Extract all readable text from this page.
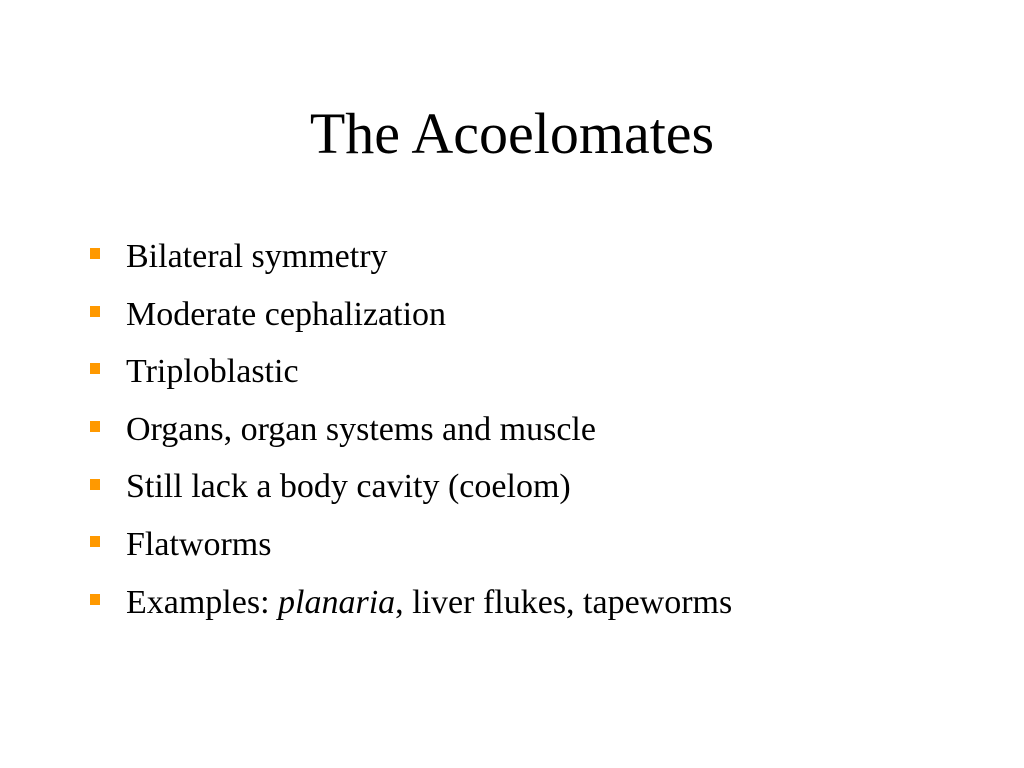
The Acoelomates
Bilateral symmetry
Moderate cephalization
Triploblastic
Organs, organ systems and muscle
Still lack a body cavity (coelom)
Flatworms
Examples: planaria, liver flukes, tapeworms
